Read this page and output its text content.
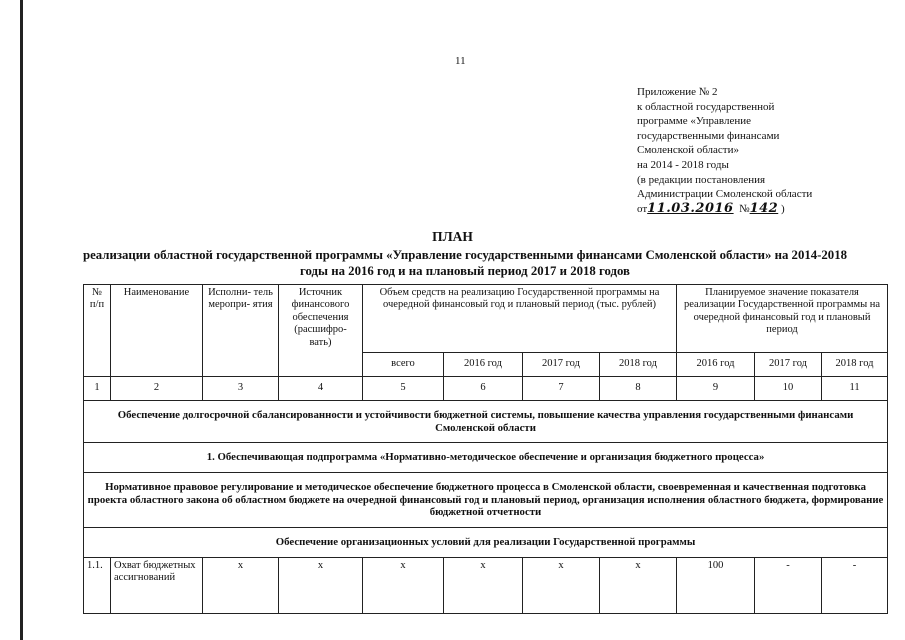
11
Приложение № 2
к областной государственной
программе «Управление
государственными финансами
Смоленской области»
на 2014 - 2018 годы
(в редакции постановления
Администрации Смоленской области
от11.03.2016 №142 )
ПЛАН
реализации областной государственной программы «Управление государственными финансами Смоленской области» на 2014-2018 годы на 2016 год и на плановый период 2017 и 2018 годов
№ п/п	Наименование	Исполни- тель меропри- ятия	Источник финансового обеспечения (расшифро- вать)	Объем средств на реализацию Государственной программы на очередной финансовый год и плановый период (тыс. рублей)				Планируемое значение показателя реализации Государственной программы на очередной финансовый год и плановый период		
				всего	2016 год	2017 год	2018 год	2016 год	2017 год	2018 год
1	2	3	4	5	6	7	8	9	10	11
Обеспечение долгосрочной сбалансированности и устойчивости бюджетной системы, повышение качества управления государственными финансами Смоленской области										
1. Обеспечивающая подпрограмма «Нормативно-методическое обеспечение и организация бюджетного процесса»										
Нормативное правовое регулирование и методическое обеспечение бюджетного процесса в Смоленской области, своевременная и качественная подготовка проекта областного закона об областном бюджете на очередной финансовый год и плановый период, организация исполнения областного бюджета, формирование бюджетной отчетности										
Обеспечение организационных условий для реализации Государственной программы										
1.1.	Охват бюджетных ассигнований	x	x	x	x	x	x	100	-	-
